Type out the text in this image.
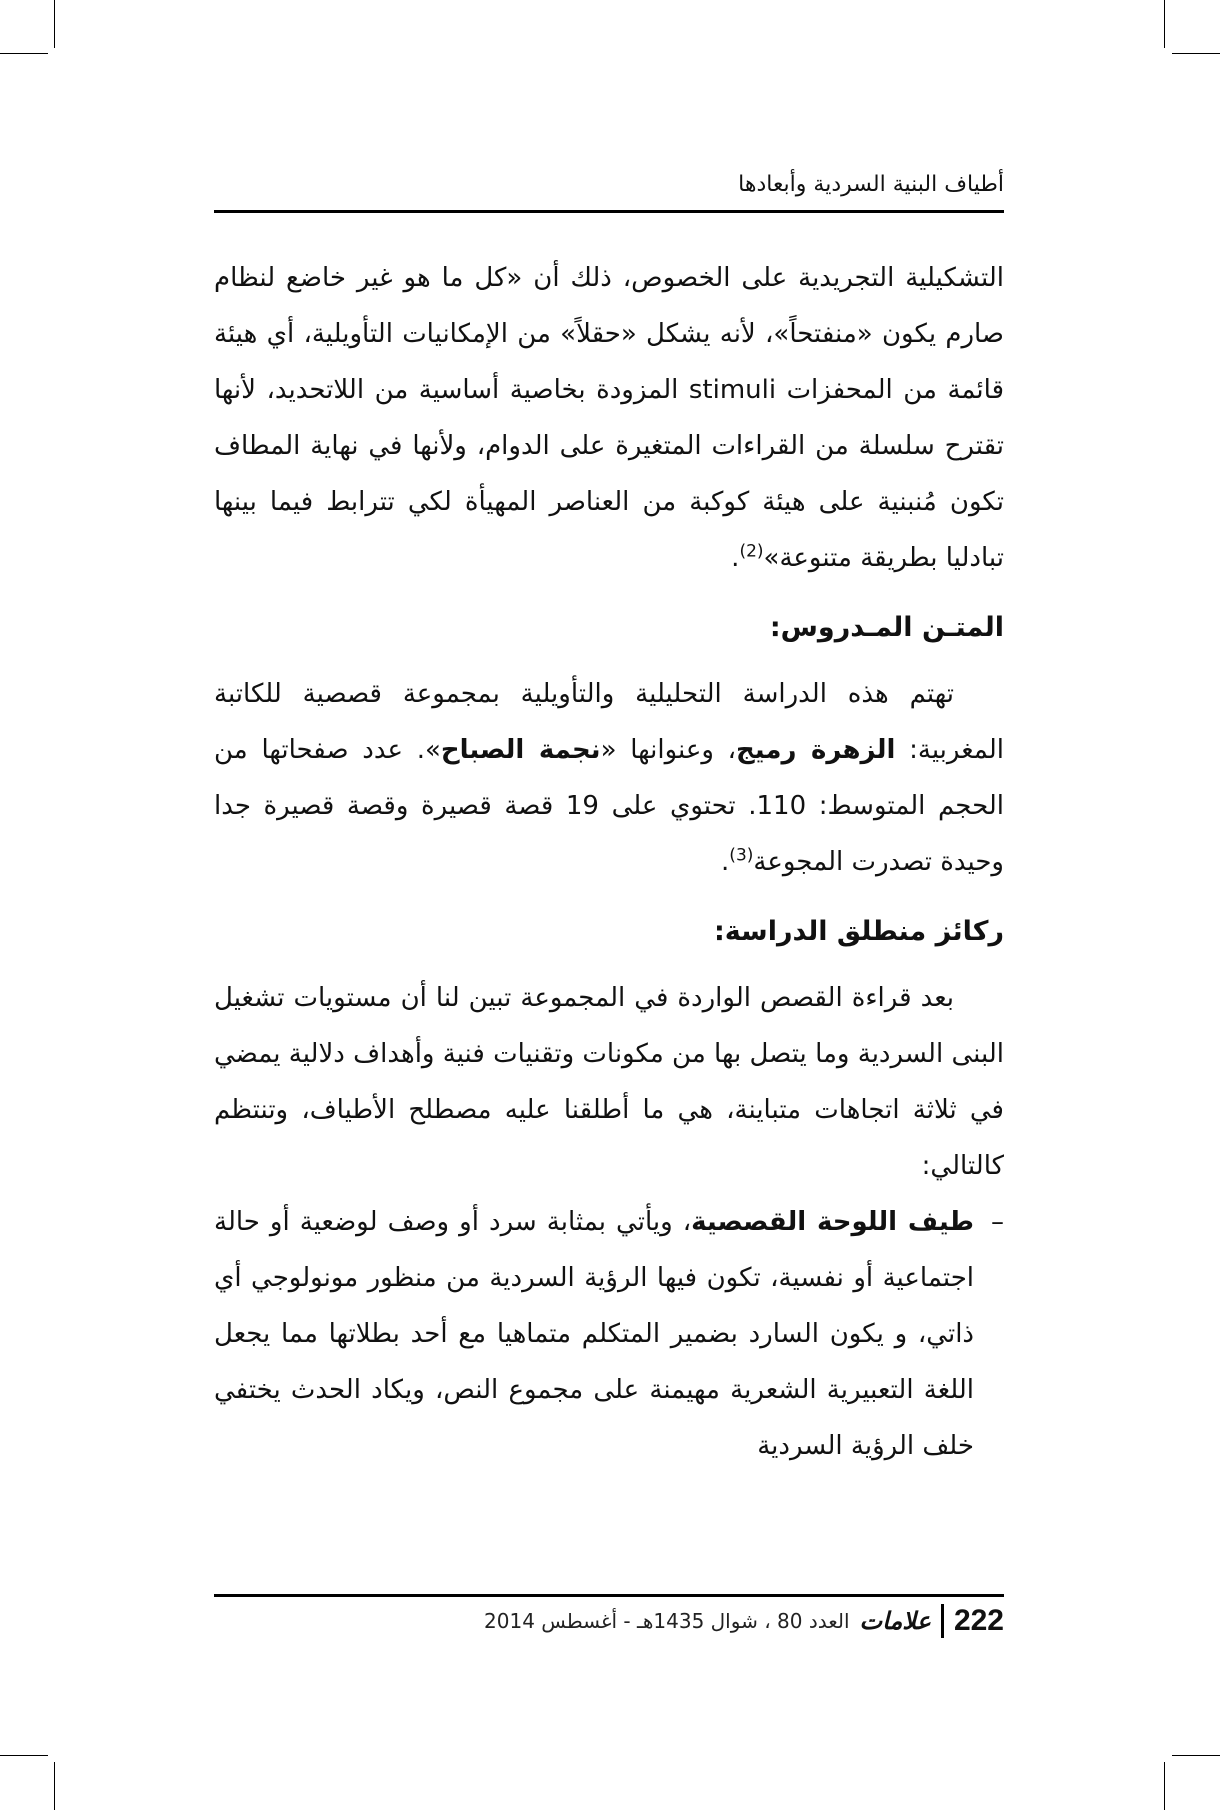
أطياف البنية السردية وأبعادها

التشكيلية التجريدية على الخصوص، ذلك أن «كل ما هو غير خاضع لنظام صارم يكون «منفتحاً»، لأنه يشكل «حقلاً» من الإمكانيات التأويلية، أي هيئة قائمة من المحفزات stimuli المزودة بخاصية أساسية من اللاتحديد، لأنها تقترح سلسلة من القراءات المتغيرة على الدوام، ولأنها في نهاية المطاف تكون مُنبنية على هيئة كوكبة من العناصر المهيأة لكي تترابط فيما بينها تبادليا بطريقة متنوعة»$^{(2)}$.

المتـن المـدروس:

تهتم هذه الدراسة التحليلية والتأويلية بمجموعة قصصية للكاتبة المغربية: الزهرة رميج، وعنوانها «نجمة الصباح». عدد صفحاتها من الحجم المتوسط: 110. تحتوي على 19 قصة قصيرة وقصة قصيرة جدا وحيدة تصدرت المجوعة$^{(3)}$.

ركائز منطلق الدراسة:

بعد قراءة القصص الواردة في المجموعة تبين لنا أن مستويات تشغيل البنى السردية وما يتصل بها من مكونات وتقنيات فنية وأهداف دلالية يمضي في ثلاثة اتجاهات متباينة، هي ما أطلقنا عليه مصطلح الأطياف، وتنتظم كالتالي:

–
طيف اللوحة القصصية، ويأتي بمثابة سرد أو وصف لوضعية أو حالة اجتماعية أو نفسية، تكون فيها الرؤية السردية من منظور مونولوجي أي ذاتي، و يكون السارد بضمير المتكلم متماهيا مع أحد بطلاتها مما يجعل اللغة التعبيرية الشعرية مهيمنة على مجموع النص، ويكاد الحدث يختفي خلف الرؤية السردية

222
علامات
العدد 80 ، شوال 1435هـ - أغسطس 2014
